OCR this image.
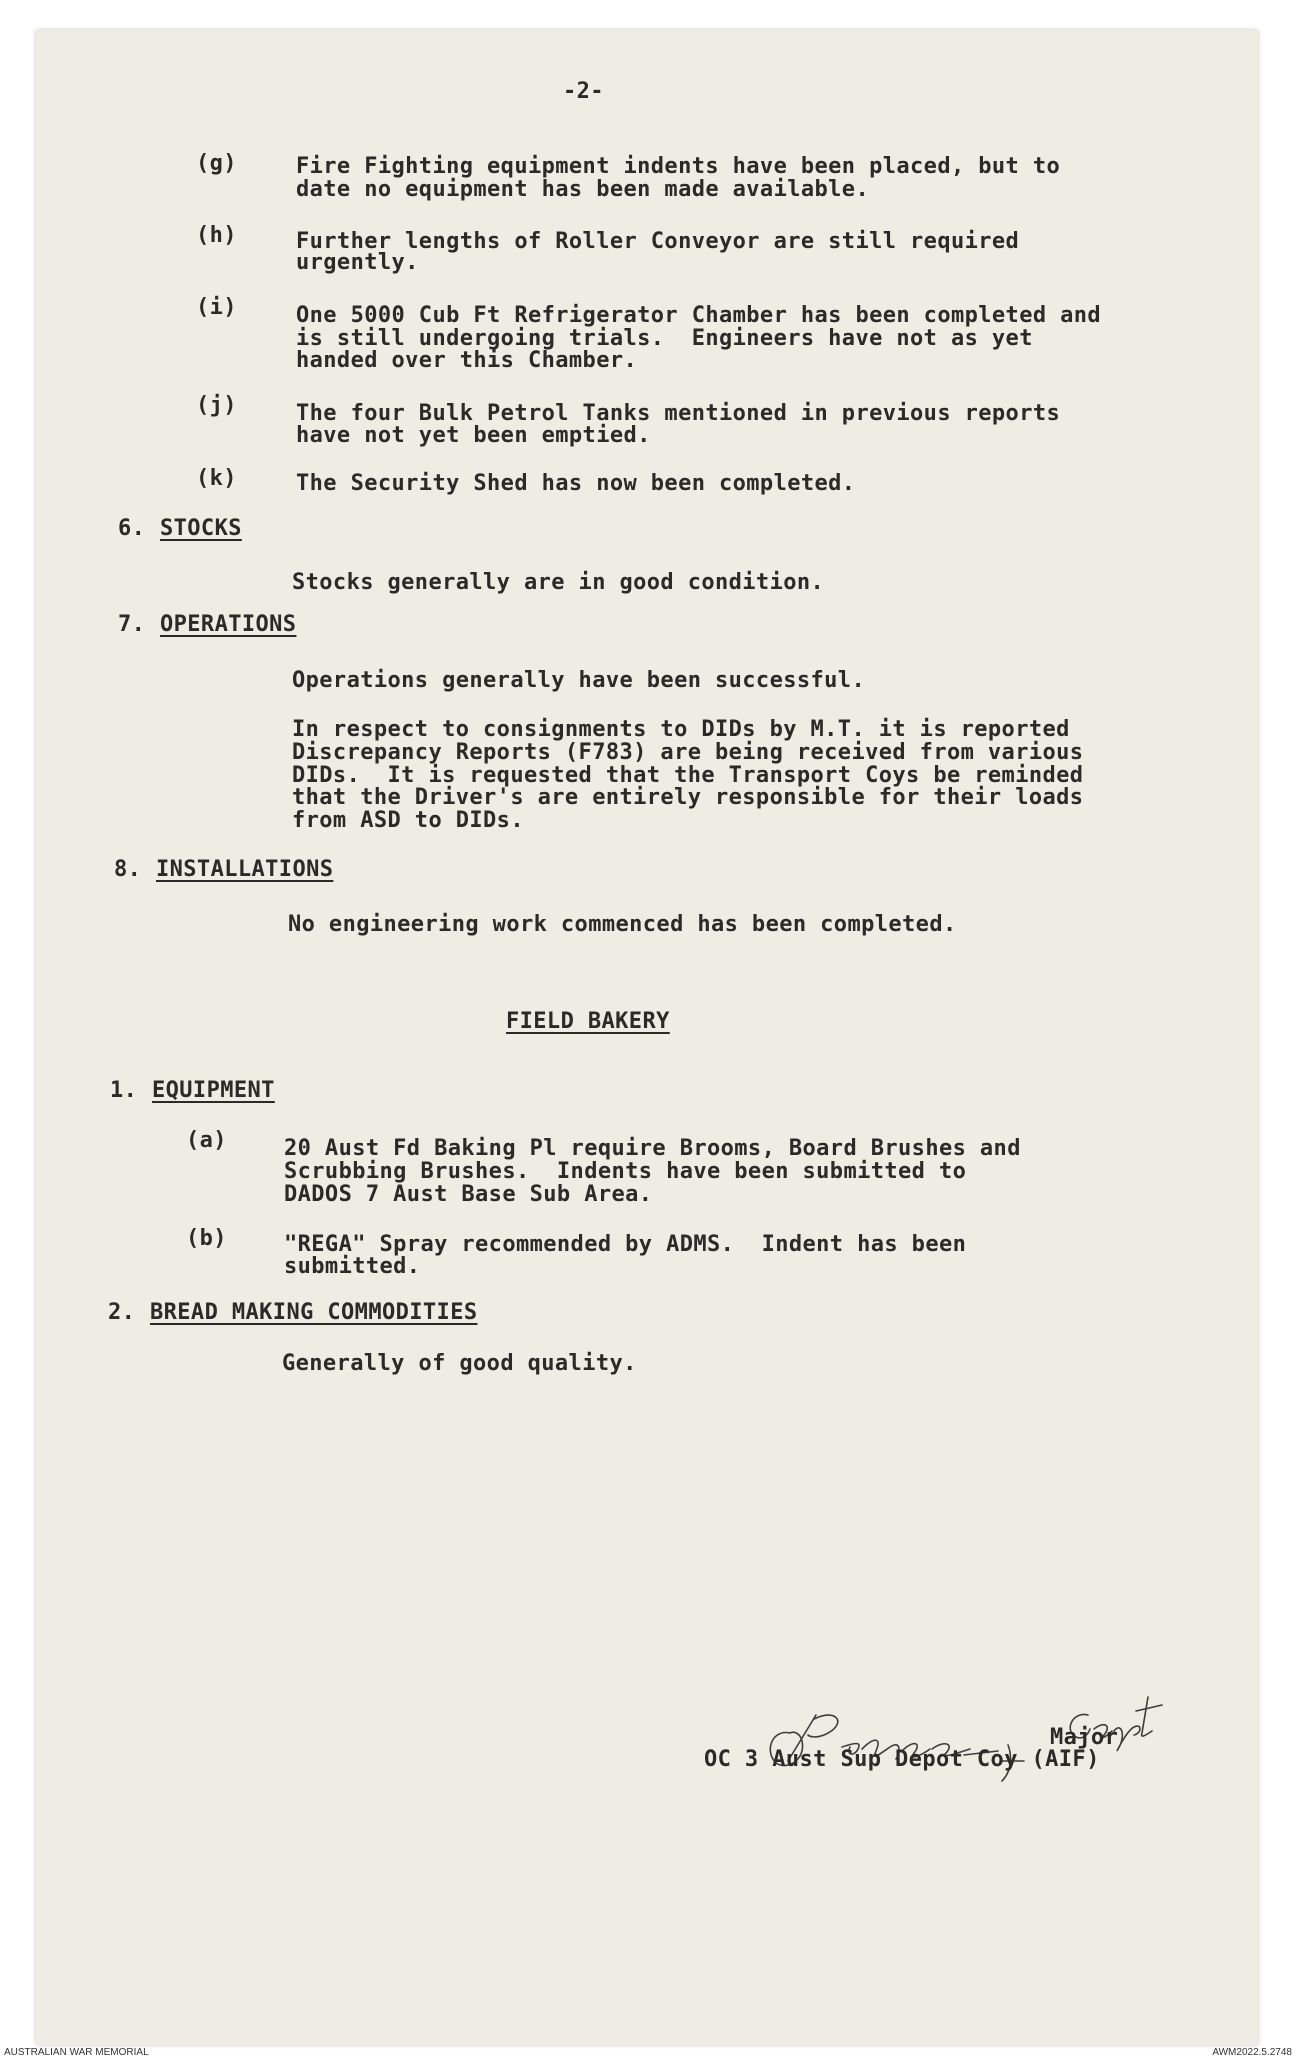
-2-

(g)	Fire Fighting equipment indents have been placed, but to

date no equipment has been made available.

(h)	Further lengths of Roller Conveyor are still required

urgently.

(i)	One 5000 Cub Ft Refrigerator Chamber has been completed and

is still undergoing trials.  Engineers have not as yet

handed over this Chamber.

(j)	The four Bulk Petrol Tanks mentioned in previous reports

have not yet been emptied.

(k)	The Security Shed has now been completed.

6. STOCKS

Stocks generally are in good condition.

7. OPERATIONS

Operations generally have been successful.

In respect to consignments to DIDs by M.T. it is reported

Discrepancy Reports (F783) are being received from various

DIDs.  It is requested that the Transport Coys be reminded

that the Driver's are entirely responsible for their loads

from ASD to DIDs.

8. INSTALLATIONS

No engineering work commenced has been completed.

FIELD BAKERY

1. EQUIPMENT

(a)	20 Aust Fd Baking Pl require Brooms, Board Brushes and

Scrubbing Brushes.  Indents have been submitted to

DADOS 7 Aust Base Sub Area.

(b)	"REGA" Spray recommended by ADMS.  Indent has been

submitted.

2. BREAD MAKING COMMODITIES

Generally of good quality.

Major

OC 3 Aust Sup Depot Coy (AIF)

AUSTRALIAN WAR MEMORIAL	AWM2022.5.2748
